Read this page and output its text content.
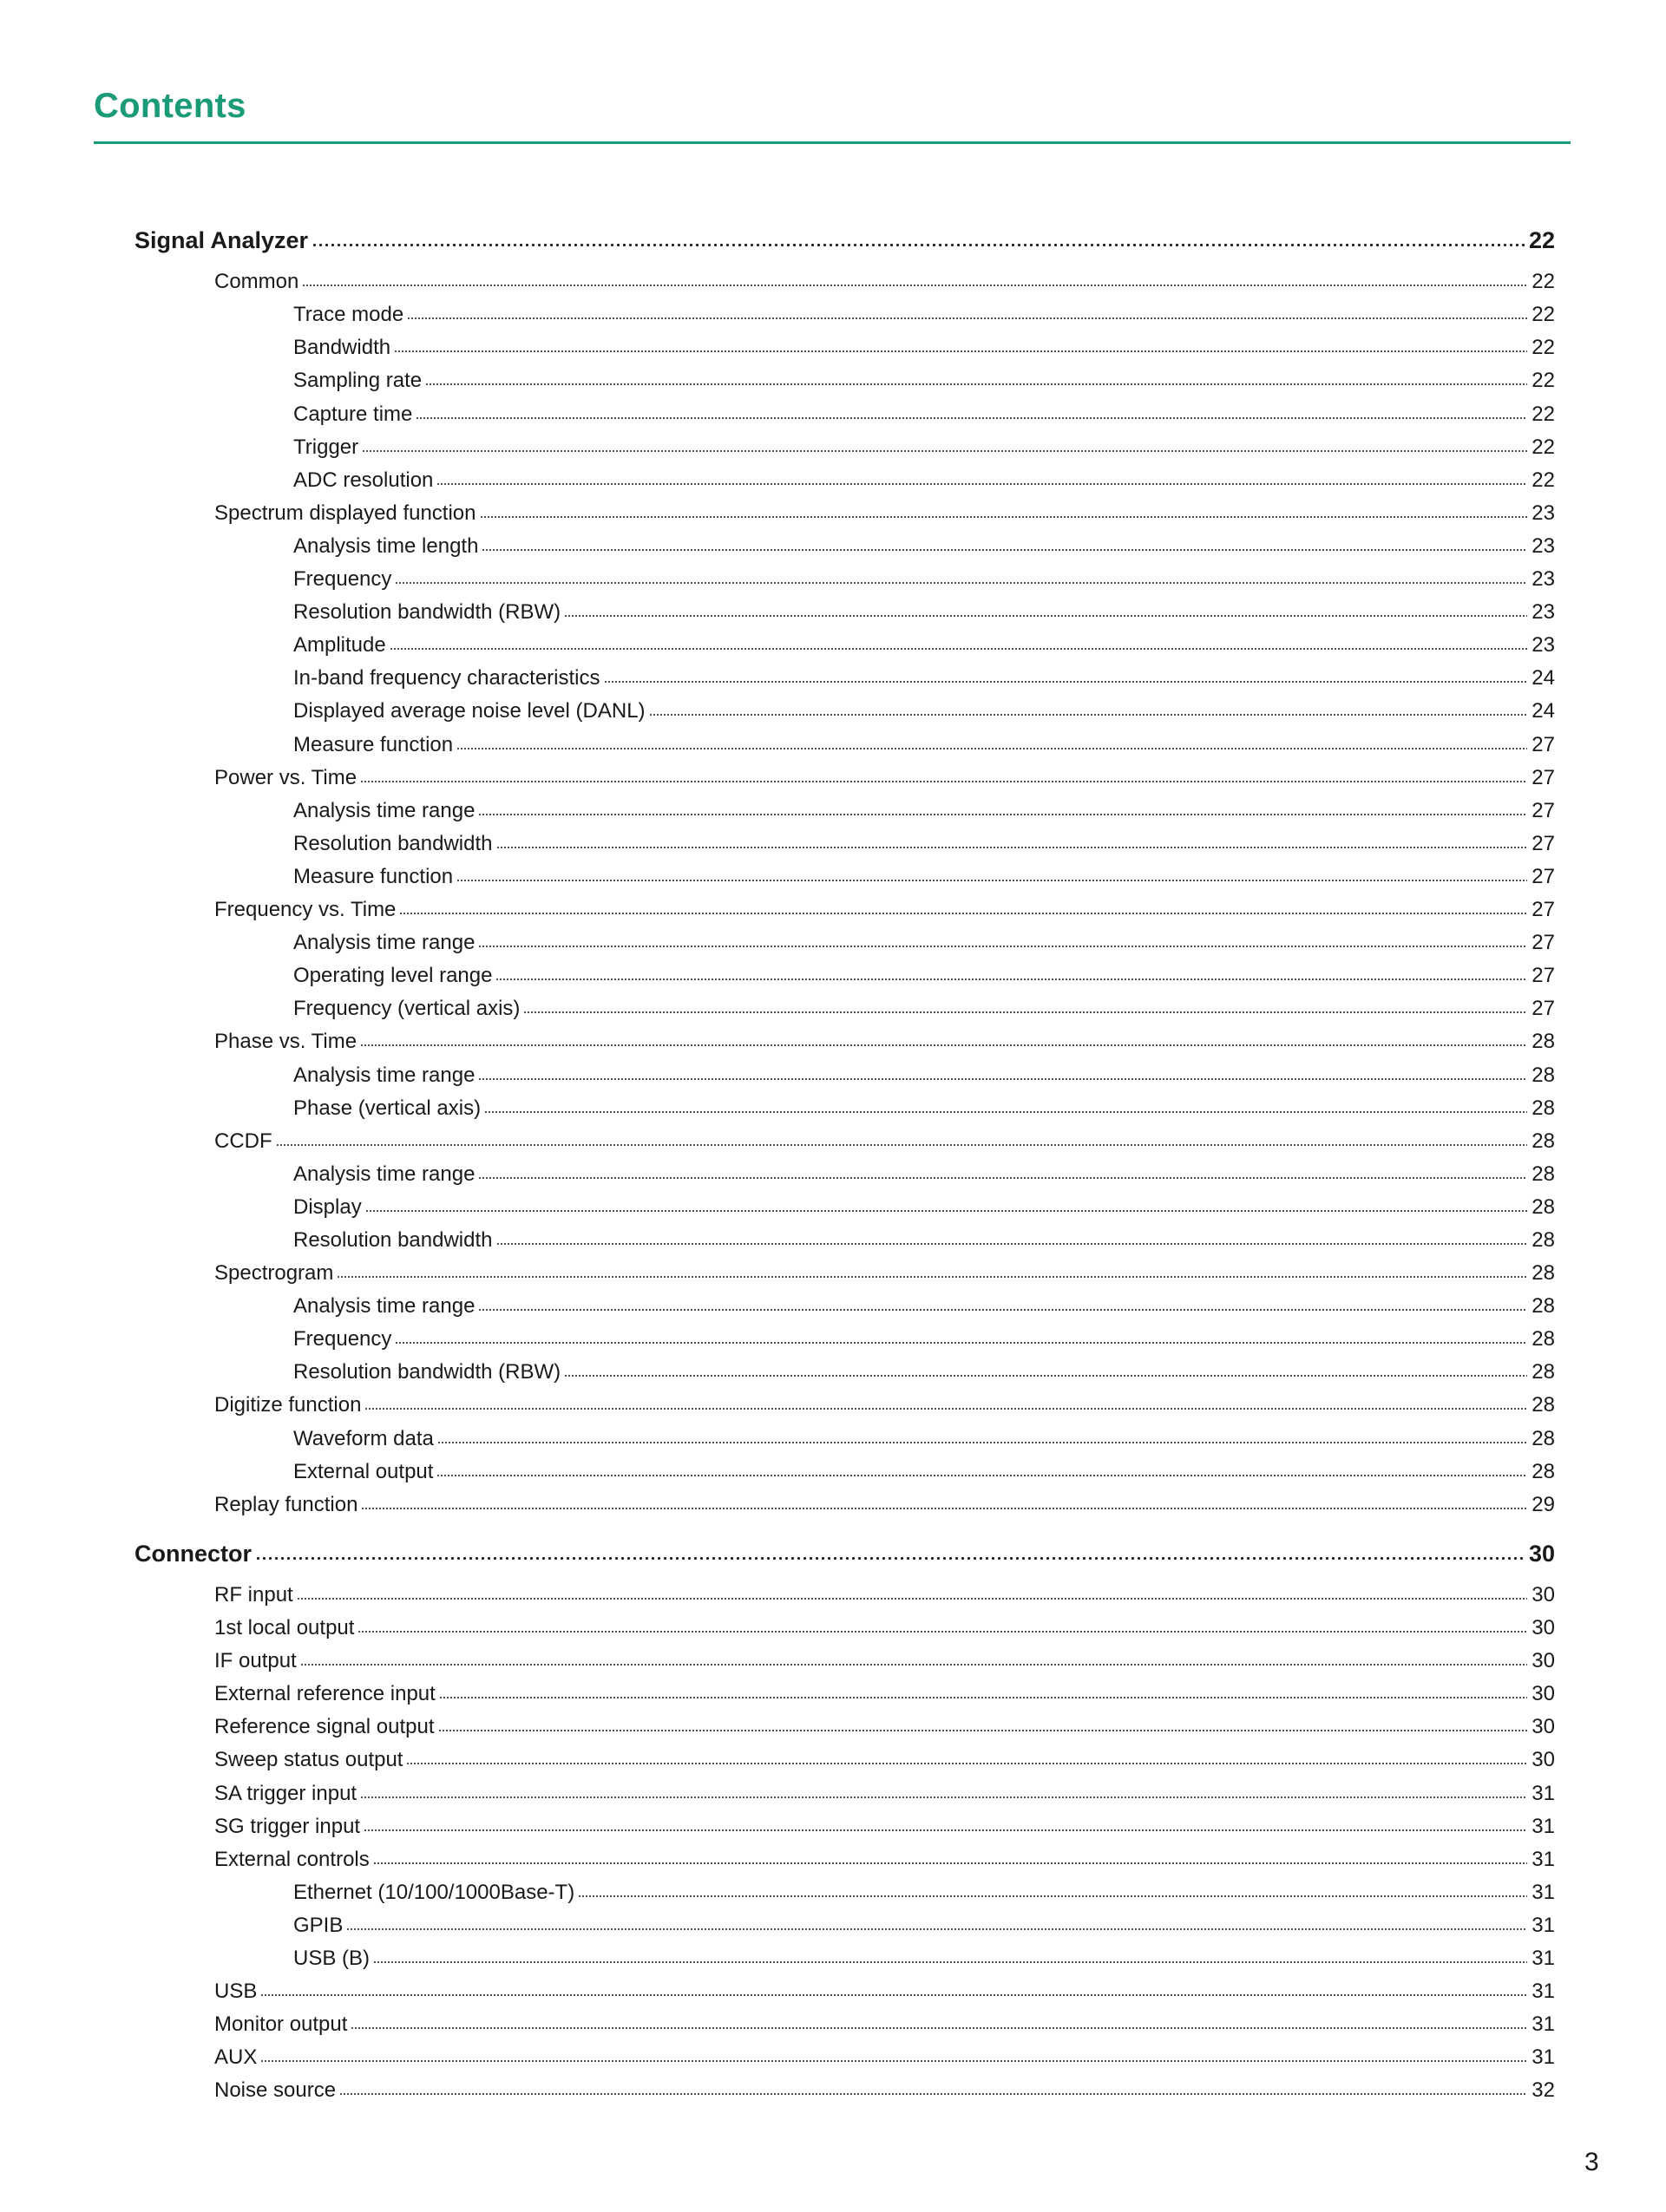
Contents
Signal Analyzer	22
Common	22
Trace mode	22
Bandwidth	22
Sampling rate	22
Capture time	22
Trigger	22
ADC resolution	22
Spectrum displayed function	23
Analysis time length	23
Frequency	23
Resolution bandwidth (RBW)	23
Amplitude	23
In-band frequency characteristics	24
Displayed average noise level (DANL)	24
Measure function	27
Power vs. Time	27
Analysis time range	27
Resolution bandwidth	27
Measure function	27
Frequency vs. Time	27
Analysis time range	27
Operating level range	27
Frequency (vertical axis)	27
Phase vs. Time	28
Analysis time range	28
Phase (vertical axis)	28
CCDF	28
Analysis time range	28
Display	28
Resolution bandwidth	28
Spectrogram	28
Analysis time range	28
Frequency	28
Resolution bandwidth (RBW)	28
Digitize function	28
Waveform data	28
External output	28
Replay function	29
Connector	30
RF input	30
1st local output	30
IF output	30
External reference input	30
Reference signal output	30
Sweep status output	30
SA trigger input	31
SG trigger input	31
External controls	31
Ethernet (10/100/1000Base-T)	31
GPIB	31
USB (B)	31
USB	31
Monitor output	31
AUX	31
Noise source	32
3
